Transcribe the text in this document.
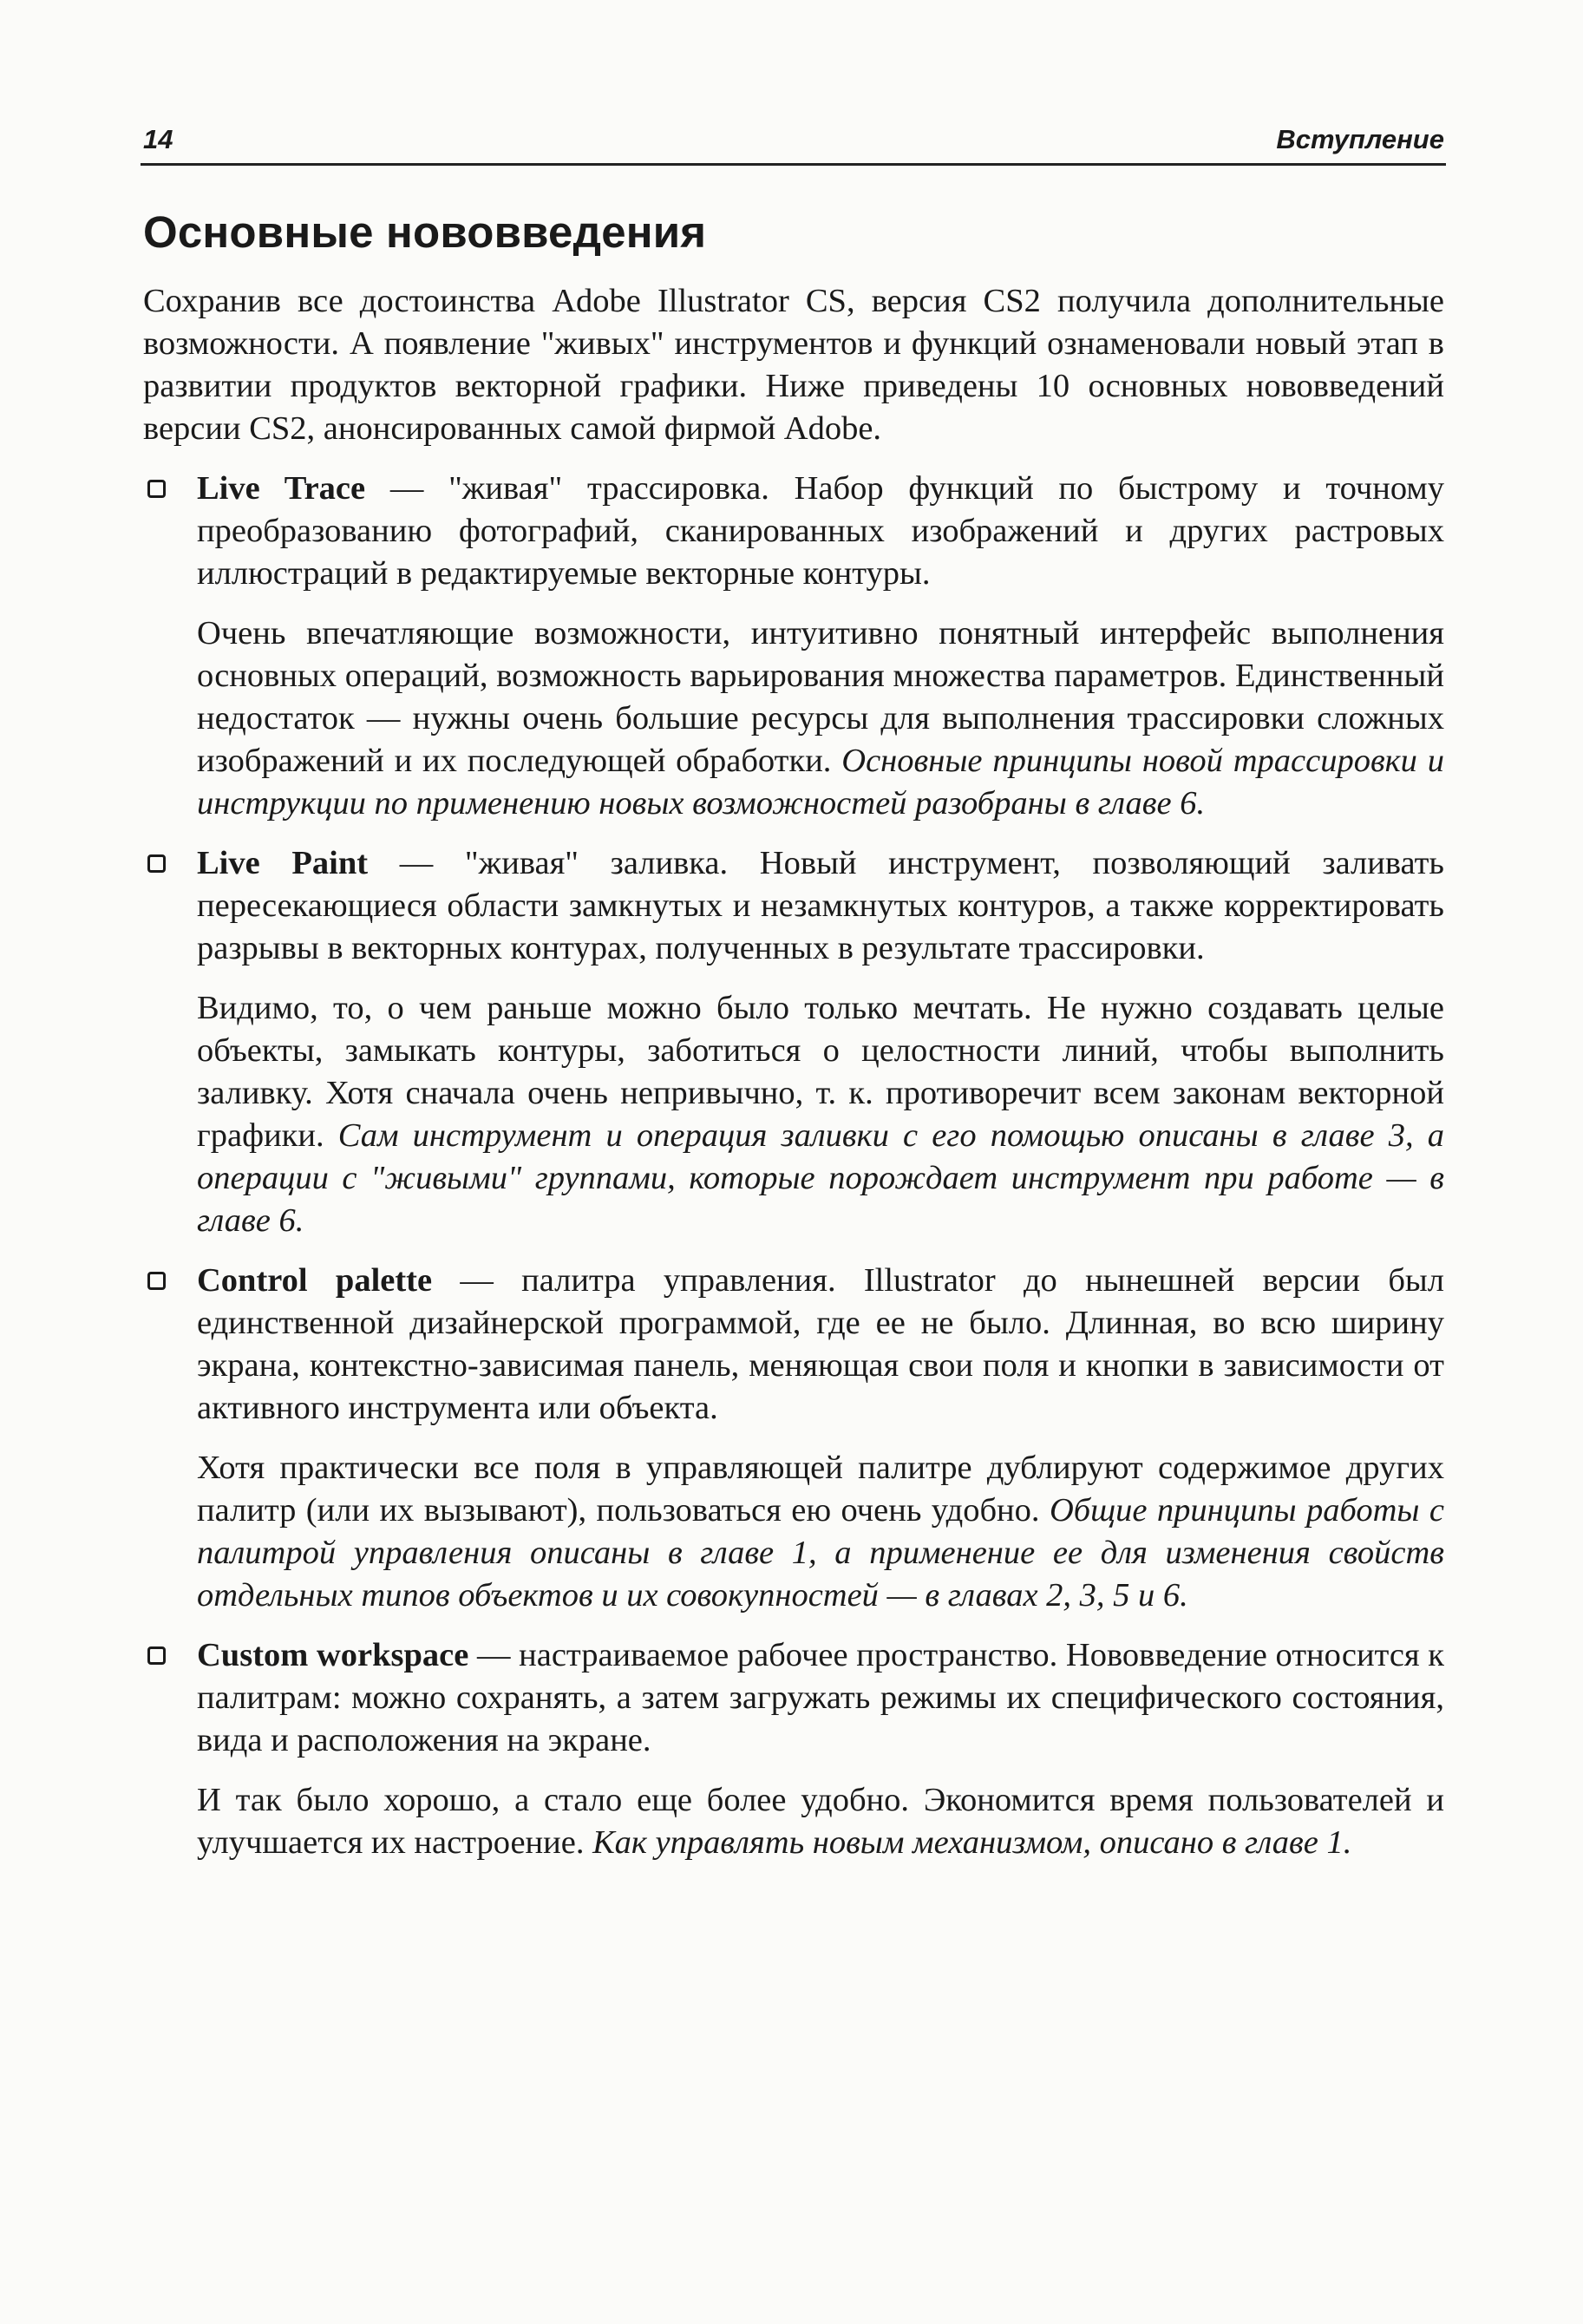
14	Вступление
Основные нововведения

Сохранив все достоинства Adobe Illustrator CS, версия CS2 получила дополнительные возможности. А появление "живых" инструментов и функций ознаменовали новый этап в развитии продуктов векторной графики. Ниже приведены 10 основных нововведений версии CS2, анонсированных самой фирмой Adobe.

Live Trace — "живая" трассировка. Набор функций по быстрому и точному преобразованию фотографий, сканированных изображений и других растровых иллюстраций в редактируемые векторные контуры.

Очень впечатляющие возможности, интуитивно понятный интерфейс выполнения основных операций, возможность варьирования множества параметров. Единственный недостаток — нужны очень большие ресурсы для выполнения трассировки сложных изображений и их последующей обработки. Основные принципы новой трассировки и инструкции по применению новых возможностей разобраны в главе 6.

Live Paint — "живая" заливка. Новый инструмент, позволяющий заливать пересекающиеся области замкнутых и незамкнутых контуров, а также корректировать разрывы в векторных контурах, полученных в результате трассировки.

Видимо, то, о чем раньше можно было только мечтать. Не нужно создавать целые объекты, замыкать контуры, заботиться о целостности линий, чтобы выполнить заливку. Хотя сначала очень непривычно, т. к. противоречит всем законам векторной графики. Сам инструмент и операция заливки с его помощью описаны в главе 3, а операции с "живыми" группами, которые порождает инструмент при работе — в главе 6.

Control palette — палитра управления. Illustrator до нынешней версии был единственной дизайнерской программой, где ее не было. Длинная, во всю ширину экрана, контекстно-зависимая панель, меняющая свои поля и кнопки в зависимости от активного инструмента или объекта.

Хотя практически все поля в управляющей палитре дублируют содержимое других палитр (или их вызывают), пользоваться ею очень удобно. Общие принципы работы с палитрой управления описаны в главе 1, а применение ее для изменения свойств отдельных типов объектов и их совокупностей — в главах 2, 3, 5 и 6.

Custom workspace — настраиваемое рабочее пространство. Нововведение относится к палитрам: можно сохранять, а затем загружать режимы их специфического состояния, вида и расположения на экране.

И так было хорошо, а стало еще более удобно. Экономится время пользователей и улучшается их настроение. Как управлять новым механизмом, описано в главе 1.
